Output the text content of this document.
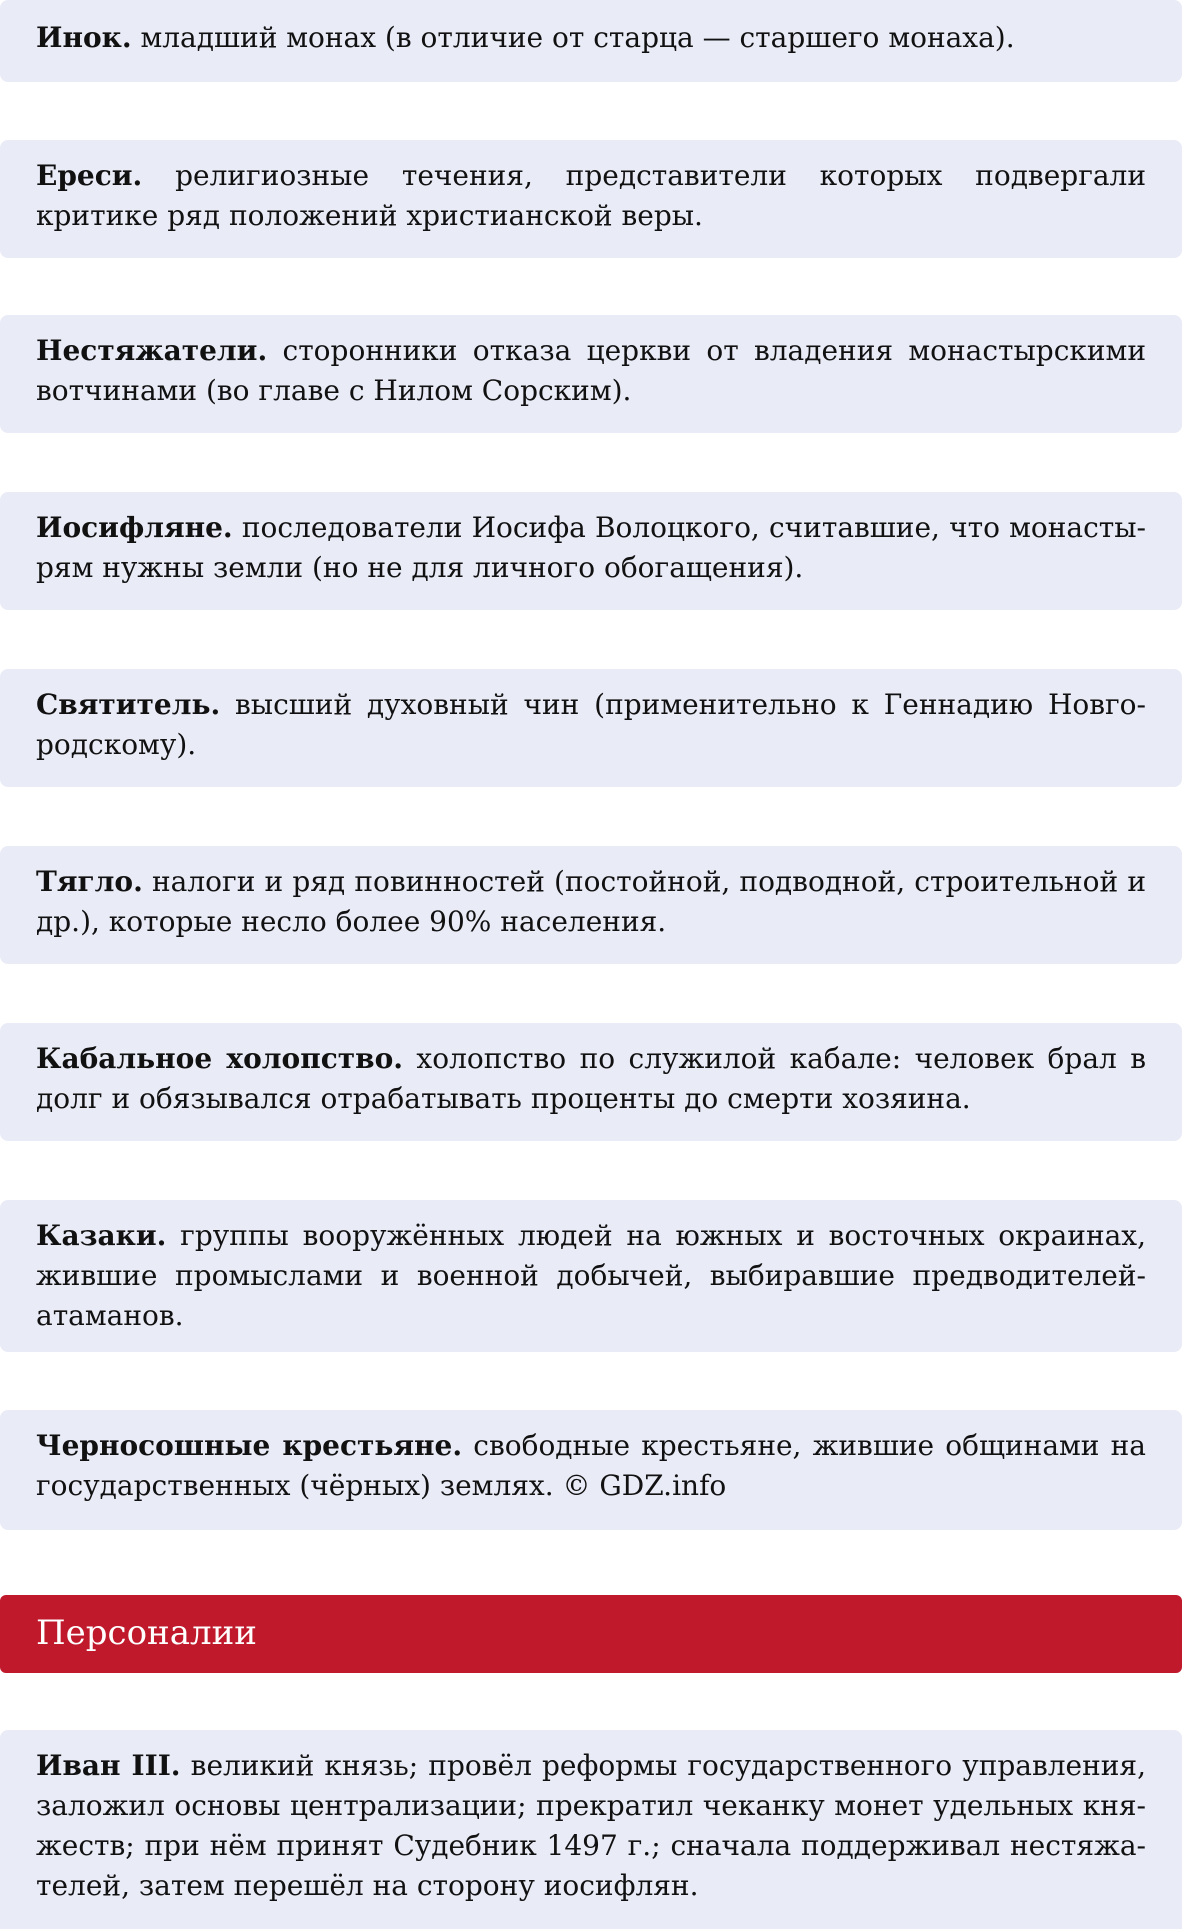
Инок. младший монах (в отличие от старца — старшего монаха).

Ереси. религиозные течения, представители которых подвергали критике ряд положений христианской веры.

Нестяжатели. сторонники отказа церкви от владения монастырскими вотчинами (во главе с Нилом Сорским).

Иосифляне. последователи Иосифа Волоцкого, считавшие, что монастырям нужны земли (но не для личного обогащения).

Святитель. высший духовный чин (применительно к Геннадию Новгородскому).

Тягло. налоги и ряд повинностей (постойной, подводной, строительной и др.), которые несло более 90% населения.

Кабальное холопство. холопство по служилой кабале: человек брал в долг и обязывался отрабатывать проценты до смерти хозяина.

Казаки. группы вооружённых людей на южных и восточных окраинах, жившие промыслами и военной добычей, выбиравшие предводителей-атаманов.

Черносошные крестьяне. свободные крестьяне, жившие общинами на государственных (чёрных) землях. © GDZ.info

Персоналии

Иван III. великий князь; провёл реформы государственного управления, заложил основы централизации; прекратил чеканку монет удельных княжеств; при нём принят Судебник 1497 г.; сначала поддерживал нестяжателей, затем перешёл на сторону иосифлян.
